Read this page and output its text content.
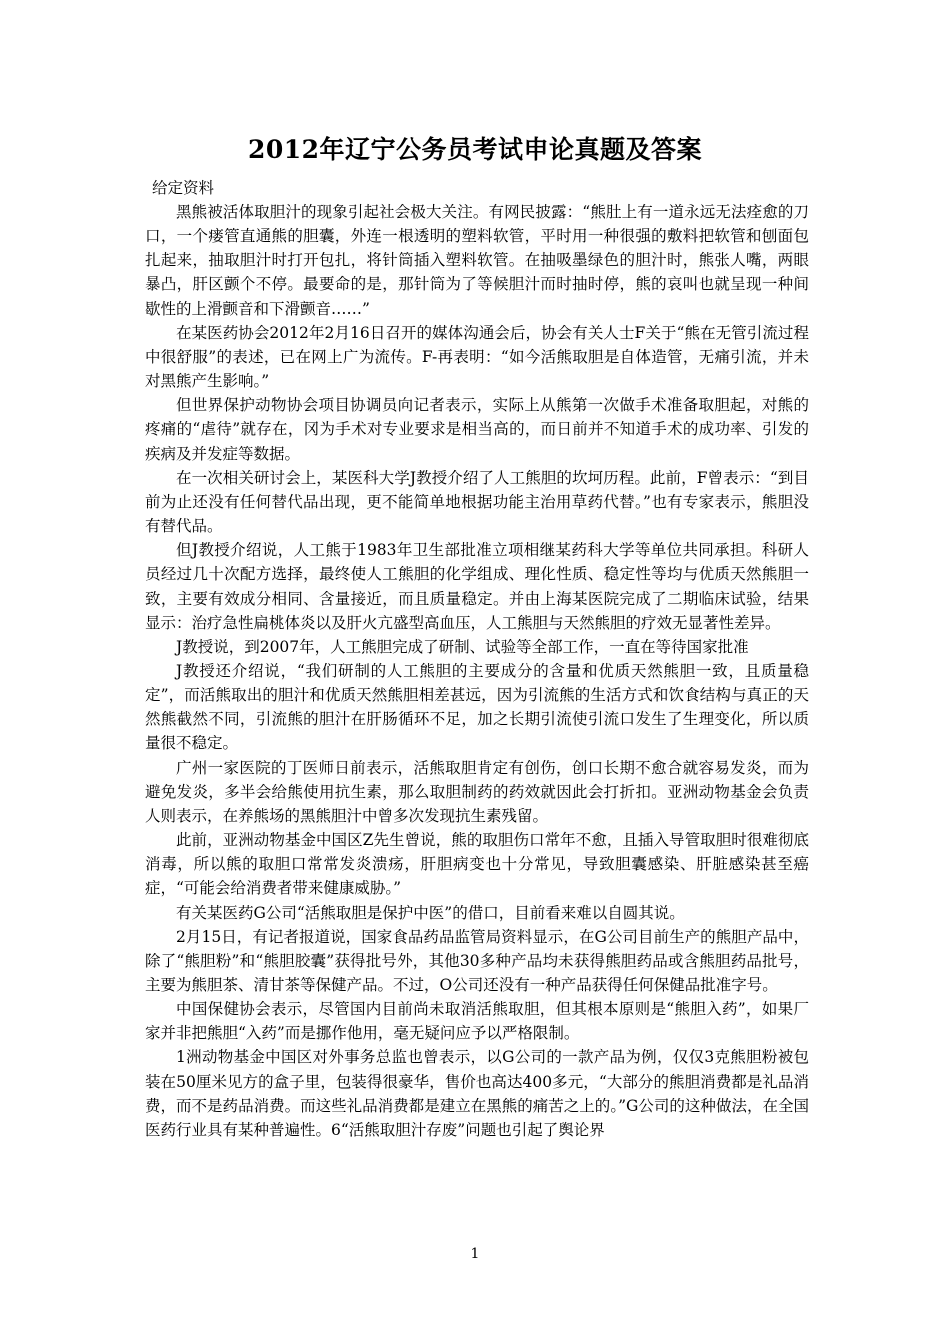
2012年辽宁公务员考试申论真题及答案
给定资料

黑熊被活体取胆汁的现象引起社会极大关注。有网民披露：“熊肚上有一道永远无法痊愈的刀口，一个瘘管直通熊的胆囊，外连一根透明的塑料软管，平时用一种很强的敷料把软管和刨面包扎起来，抽取胆汁时打开包扎，将针筒插入塑料软管。在抽吸墨绿色的胆汁时，熊张人嘴，两眼暴凸，肝区颤个不停。最要命的是，那针筒为了等候胆汁而时抽时停，熊的哀叫也就呈现一种间歇性的上滑颤音和下滑颤音……”

在某医药协会2012年2月16日召开的媒体沟通会后，协会有关人士F关于“熊在无管引流过程中很舒服”的表述，已在网上广为流传。F-再表明：“如今活熊取胆是自体造管，无痛引流，并未对黑熊产生影响。”

但世界保护动物协会项目协调员向记者表示，实际上从熊第一次做手术准备取胆起，对熊的疼痛的“虐待”就存在，冈为手术对专业要求是相当高的，而日前并不知道手术的成功率、引发的疾病及并发症等数据。

在一次相关研讨会上，某医科大学J教授介绍了人工熊胆的坎坷历程。此前，F曾表示：“到目前为止还没有任何替代品出现，更不能简单地根据功能主治用草药代替。”也有专家表示，熊胆没有替代品。

但J教授介绍说，人工熊于1983年卫生部批准立项相继某药科大学等单位共同承担。科研人员经过几十次配方选择，最终使人工熊胆的化学组成、理化性质、稳定性等均与优质天然熊胆一致，主要有效成分相同、含量接近，而且质量稳定。并由上海某医院完成了二期临床试验，结果显示：治疗急性扁桃体炎以及肝火亢盛型高血压，人工熊胆与天然熊胆的疗效无显著性差异。

J教授说，到2007年，人工熊胆完成了研制、试验等全部工作，一直在等待国家批准

J教授还介绍说，“我们研制的人工熊胆的主要成分的含量和优质天然熊胆一致，且质量稳定”，而活熊取出的胆汁和优质天然熊胆相差甚远，因为引流熊的生活方式和饮食结构与真正的天然熊截然不同，引流熊的胆汁在肝肠循环不足，加之长期引流使引流口发生了生理变化，所以质量很不稳定。

广州一家医院的丁医师日前表示，活熊取胆肯定有创伤，创口长期不愈合就容易发炎，而为避免发炎，多半会给熊使用抗生素，那么取胆制药的药效就因此会打折扣。亚洲动物基金会负责人则表示，在养熊场的黑熊胆汁中曾多次发现抗生素残留。

此前，亚洲动物基金中国区Z先生曾说，熊的取胆伤口常年不愈，且插入导管取胆时很难彻底消毒，所以熊的取胆口常常发炎溃疡，肝胆病变也十分常见，导致胆囊感染、肝脏感染甚至癌症，“可能会给消费者带来健康威胁。”

有关某医药G公司“活熊取胆是保护中医”的借口，目前看来难以自圆其说。

2月15日，有记者报道说，国家食品药品监管局资料显示，在G公司目前生产的熊胆产品中，除了“熊胆粉”和“熊胆胶囊”获得批号外，其他30多种产品均未获得熊胆药品或含熊胆药品批号，主要为熊胆茶、清甘茶等保健产品。不过，O公司还没有一种产品获得任何保健品批准字号。

中国保健协会表示，尽管国内目前尚未取消活熊取胆，但其根本原则是“熊胆入药”，如果厂家并非把熊胆“入药”而是挪作他用，毫无疑问应予以严格限制。

1洲动物基金中国区对外事务总监也曾表示，以G公司的一款产品为例，仅仅3克熊胆粉被包装在50厘米见方的盒子里，包装得很豪华，售价也高达400多元，“大部分的熊胆消费都是礼品消费，而不是药品消费。而这些礼品消费都是建立在黑熊的痛苦之上的。”G公司的这种做法，在全国医药行业具有某种普遍性。6“活熊取胆汁存废”问题也引起了舆论界

1
